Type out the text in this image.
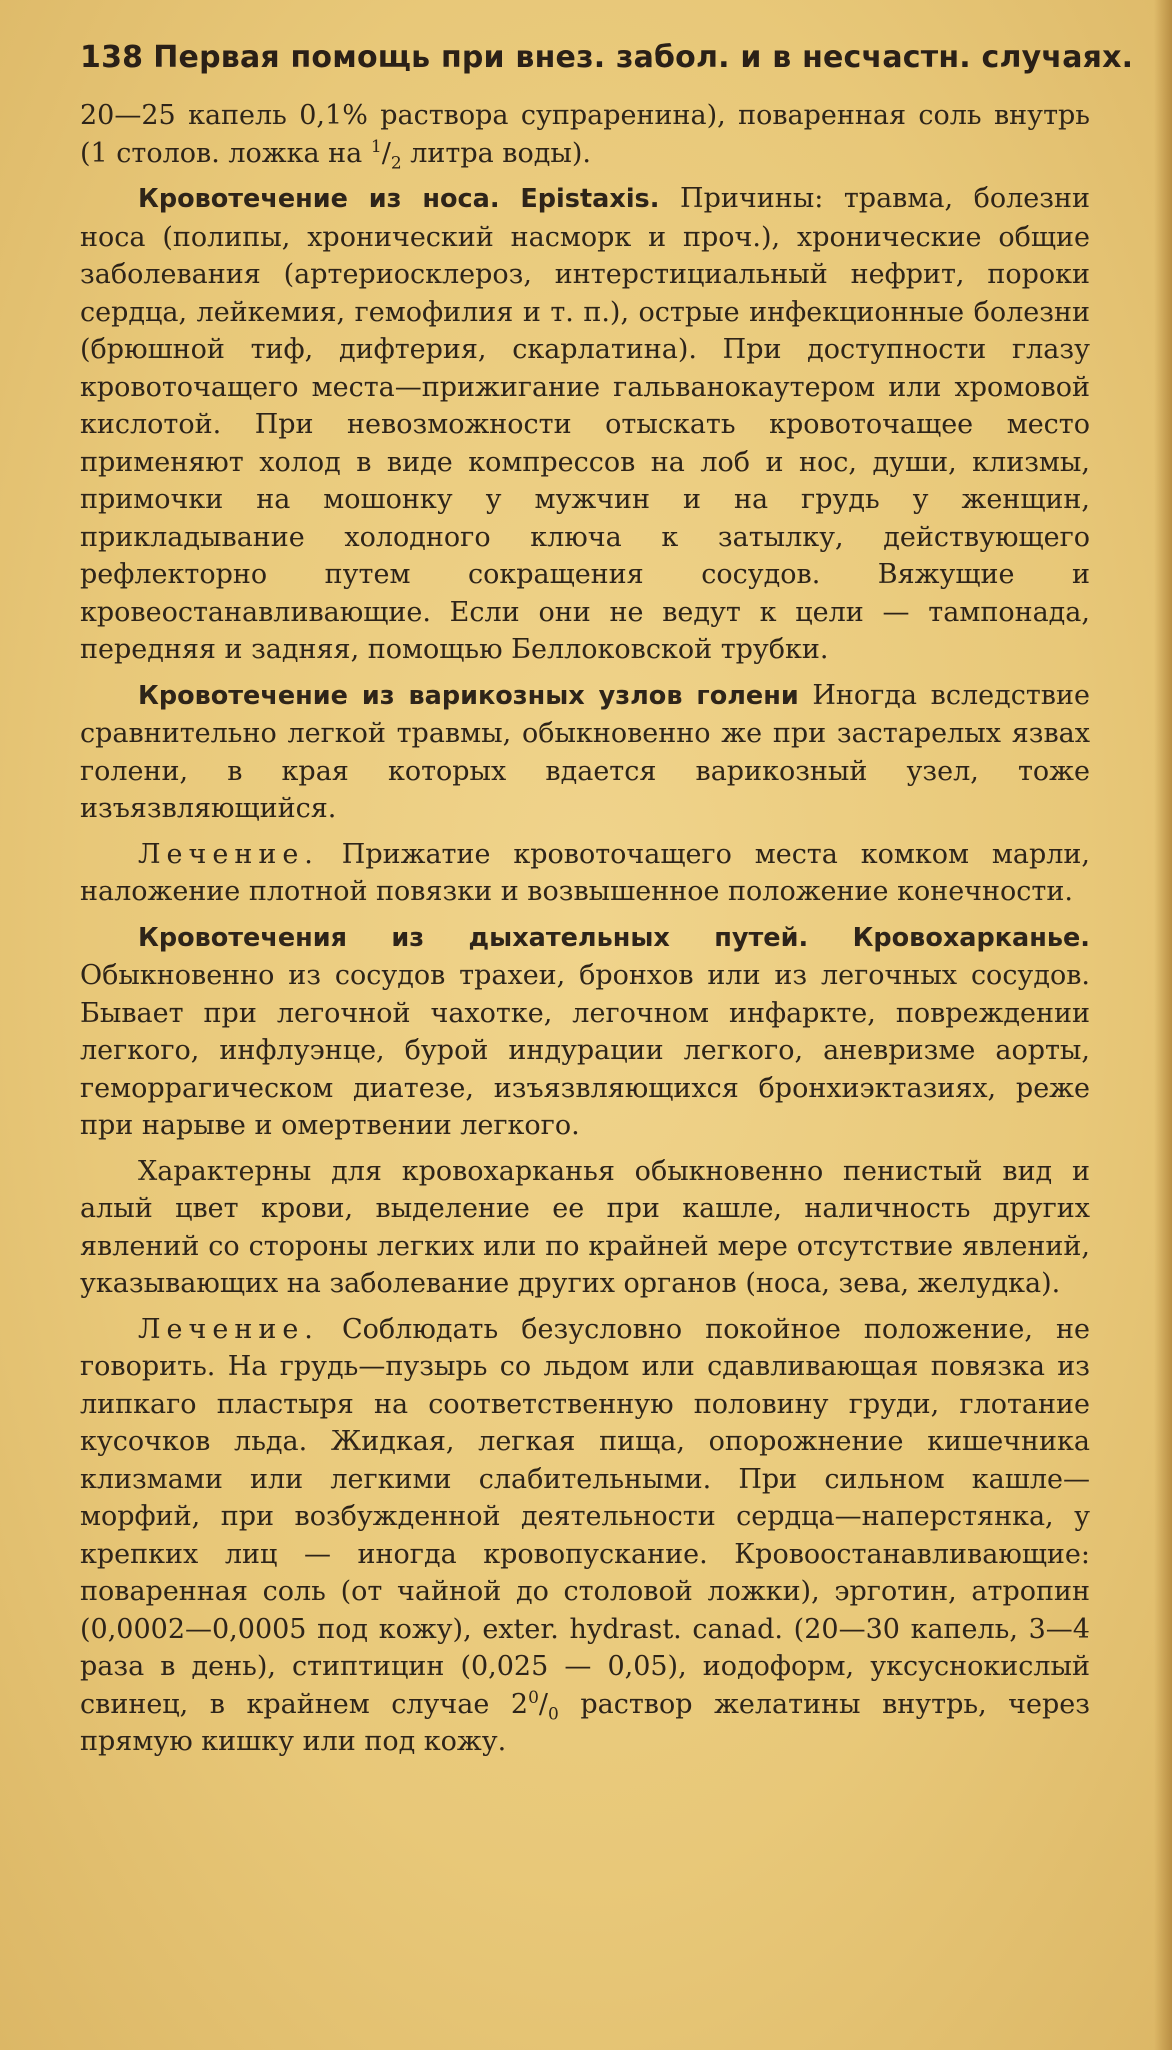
138 Первая помощь при внез. забол. и в несчастн. случаях.

20—25 капель 0,1% раствора супраренина), поваренная соль внутрь (1 столов. ложка на $^1/_2$ литра воды).

Кровотечение из носа. Epistaxis. Причины: травма, болезни носа (полипы, хронический насморк и проч.), хронические общие заболевания (артериосклероз, интерстициальный нефрит, пороки сердца, лейкемия, гемофилия и т. п.), острые инфекционные болезни (брюшной тиф, дифтерия, скарлатина). При доступности глазу кровоточащего места—прижигание гальванокаутером или хромовой кислотой. При невозможности отыскать кровоточащее место применяют холод в виде компрессов на лоб и нос, души, клизмы, примочки на мошонку у мужчин и на грудь у женщин, прикладывание холодного ключа к затылку, действующего рефлекторно путем сокращения сосудов. Вяжущие и кровеостанавливающие. Если они не ведут к цели — тампонада, передняя и задняя, помощью Беллоковской трубки.

Кровотечение из варикозных узлов голени Иногда вследствие сравнительно легкой травмы, обыкновенно же при застарелых язвах голени, в края которых вдается варикозный узел, тоже изъязвляющийся.

Лечение. Прижатие кровоточащего места комком марли, наложение плотной повязки и возвышенное положение конечности.

Кровотечения из дыхательных путей. Кровохарканье. Обыкновенно из сосудов трахеи, бронхов или из легочных сосудов. Бывает при легочной чахотке, легочном инфаркте, повреждении легкого, инфлуэнце, бурой индурации легкого, аневризме аорты, геморрагическом диатезе, изъязвляющихся бронхиэктазиях, реже при нарыве и омертвении легкого.

Характерны для кровохарканья обыкновенно пенистый вид и алый цвет крови, выделение ее при кашле, наличность других явлений со стороны легких или по крайней мере отсутствие явлений, указывающих на заболевание других органов (носа, зева, желудка).

Лечение. Соблюдать безусловно покойное положение, не говорить. На грудь—пузырь со льдом или сдавливающая повязка из липкаго пластыря на соответственную половину груди, глотание кусочков льда. Жидкая, легкая пища, опорожнение кишечника клизмами или легкими слабительными. При сильном кашле—морфий, при возбужденной деятельности сердца—наперстянка, у крепких лиц — иногда кровопускание. Кровоостанавливающие: поваренная соль (от чайной до столовой ложки), эрготин, атропин (0,0002—0,0005 под кожу), exter. hydrast. canad. (20—30 капель, 3—4 раза в день), стиптицин (0,025 — 0,05), иодоформ, уксуснокислый свинец, в крайнем случае $2^0/_0$ раствор желатины внутрь, через прямую кишку или под кожу.
